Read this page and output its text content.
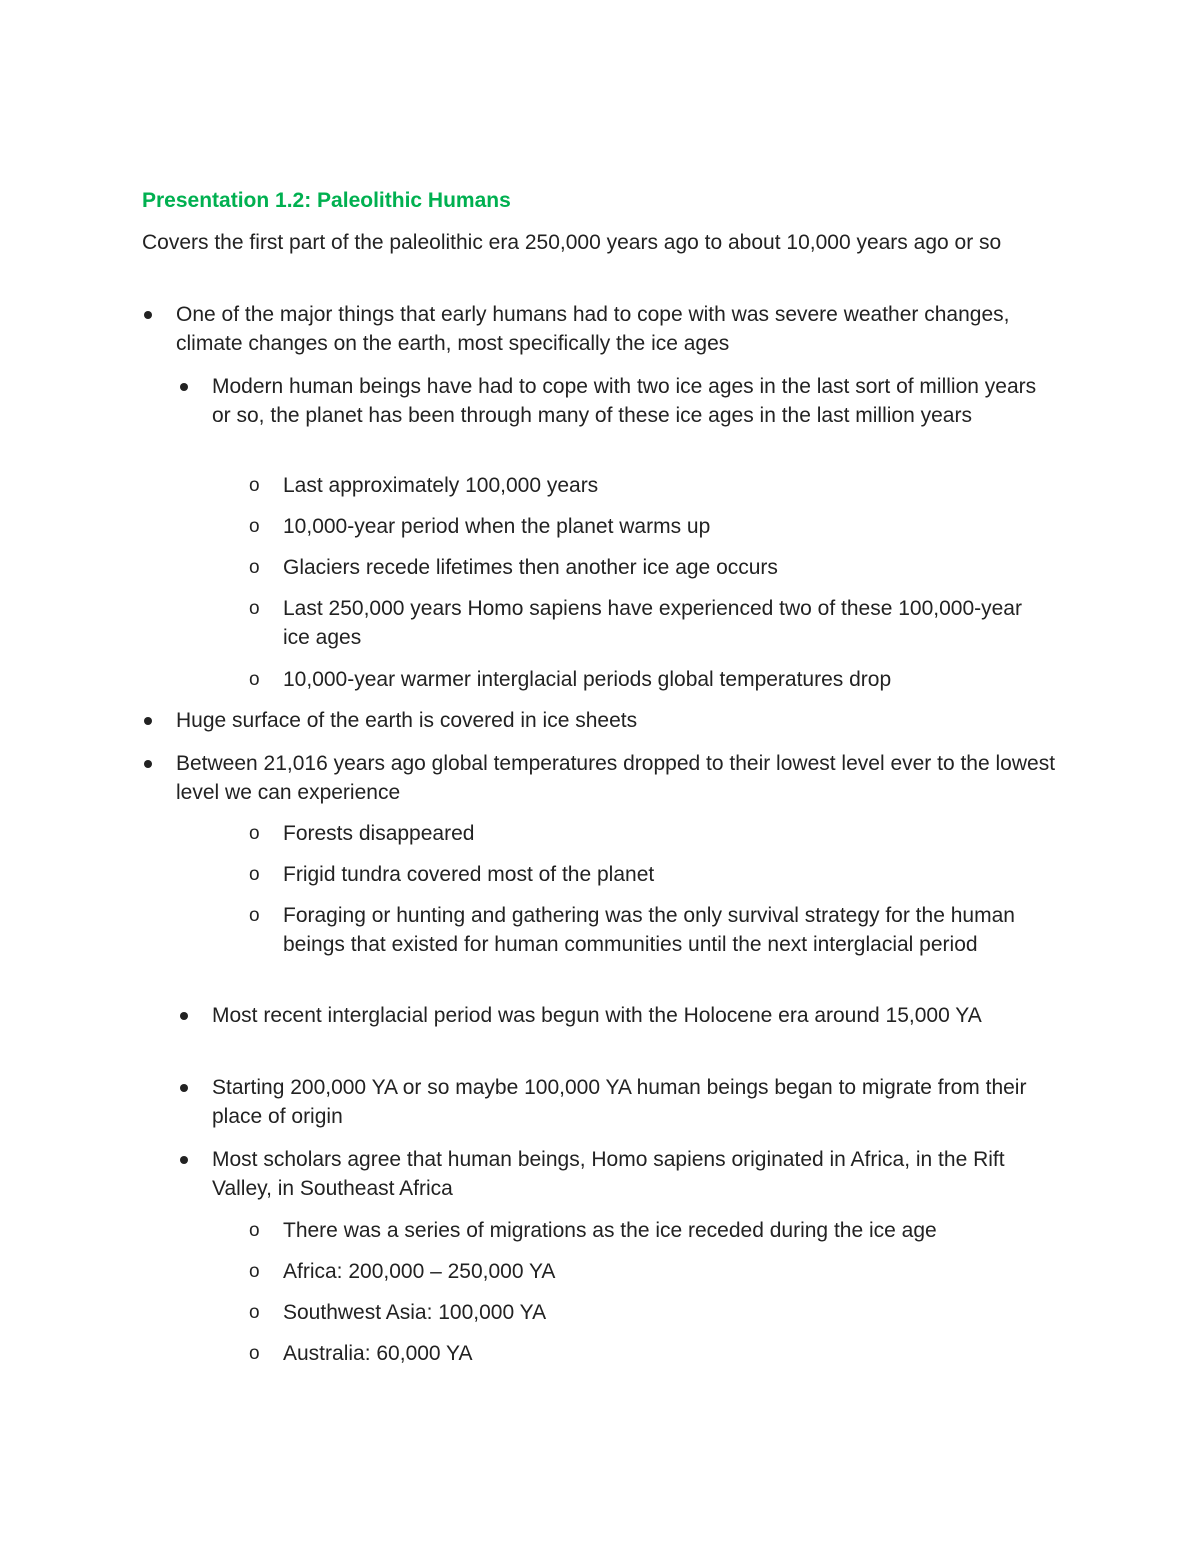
Presentation 1.2: Paleolithic Humans
Covers the first part of the paleolithic era 250,000 years ago to about 10,000 years ago or so
One of the major things that early humans had to cope with was severe weather changes, climate changes on the earth, most specifically the ice ages
Modern human beings have had to cope with two ice ages in the last sort of million years or so, the planet has been through many of these ice ages in the last million years
o Last approximately 100,000 years
o 10,000-year period when the planet warms up
o Glaciers recede lifetimes then another ice age occurs
o Last 250,000 years Homo sapiens have experienced two of these 100,000-year ice ages
o 10,000-year warmer interglacial periods global temperatures drop
Huge surface of the earth is covered in ice sheets
Between 21,016 years ago global temperatures dropped to their lowest level ever to the lowest level we can experience
o Forests disappeared
o Frigid tundra covered most of the planet
o Foraging or hunting and gathering was the only survival strategy for the human beings that existed for human communities until the next interglacial period
Most recent interglacial period was begun with the Holocene era around 15,000 YA
Starting 200,000 YA or so maybe 100,000 YA human beings began to migrate from their place of origin
Most scholars agree that human beings, Homo sapiens originated in Africa, in the Rift Valley, in Southeast Africa
o There was a series of migrations as the ice receded during the ice age
o Africa: 200,000 – 250,000 YA
o Southwest Asia: 100,000 YA
o Australia: 60,000 YA
